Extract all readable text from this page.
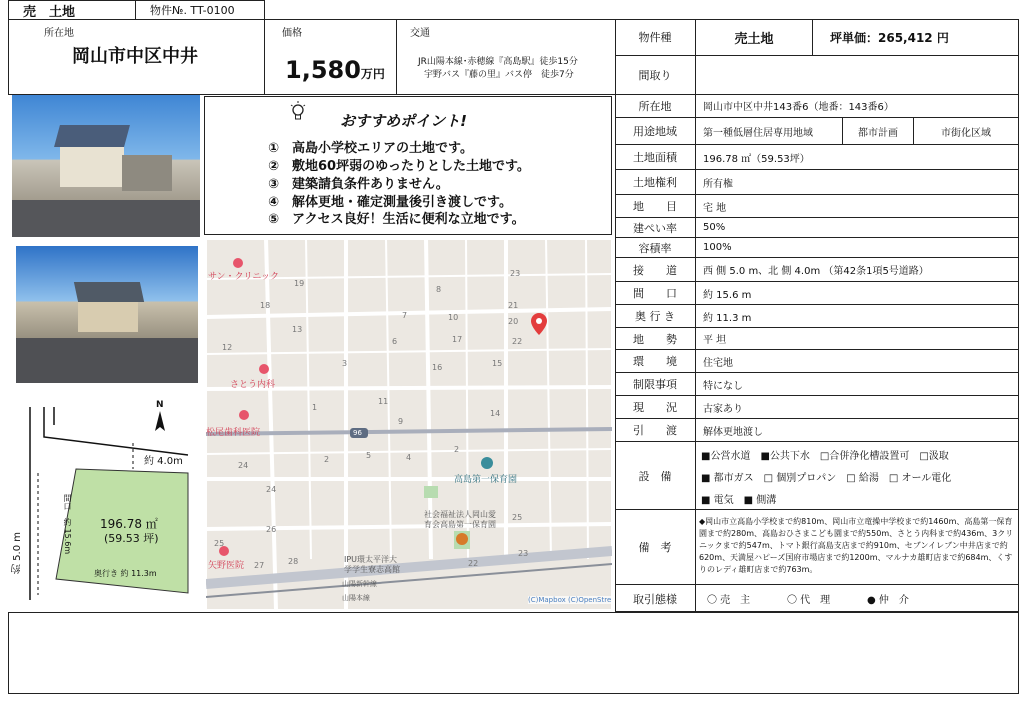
売　土地	物件№. TT-0100
所在地
岡山市中区中井
価格
1,580万円
交通
JR山陽本線･赤穂線『高島駅』徒歩15分
宇野バス『藤の里』バス停　徒歩7分
物件種	売土地	坪単価：265,412 円
間取り
おすすめポイント!
①　高島小学校エリアの土地です。
②　敷地60坪弱のゆったりとした土地です。
③　建築請負条件ありません。
④　解体更地・確定測量後引き渡しです。
⑤　アクセス良好！生活に便利な立地です。
N
約 4.0m
約 5.0 m	間口　約 15.6m 196.78 ㎡
(59.53 坪)
奥行き 約 11.3m
サン・クリニック
さとう内科
松尾歯科医院
矢野医院
高島第一保育園
社会福祉法人岡山愛
育会高島第一保育園
IPU環太平洋大
学学生寮志高館
山陽新幹線
山陽本線
96
(C)Mapbox (C)OpenStre
23
19
13
17
8
10
15
7
21
22
20
18
16
6
24
11
9
14
3
12
5
1
25
2
4
2
24
26
25
27
23
22
28
所在地	岡山市中区中井143番6（地番：143番6）
用途地域	第一種低層住居専用地域	都市計画	市街化区域
土地面積	196.78 ㎡（59.53坪）
土地権利	所有権
地　　目	宅 地
建ぺい率	50%
容積率	100%
接　　道	西 側 5.0 m、北 側 4.0m （第42条1項5号道路）
間　　口	約 15.6 m
奥 行 き	約 11.3 m
地　　勢	平 坦
環　　境	住宅地
制限事項	特になし
現　　況	古家あり
引　　渡	解体更地渡し
設　備
■公営水道　■公共下水　□合併浄化槽設置可　□汲取
■ 都市ガス　□ 個別プロパン　□ 給湯　□ オール電化
■ 電気　■ 側溝
備　考
◆岡山市立高島小学校まで約810m、岡山市立竜操中学校まで約1460m、高島第一保育園まで約280m、高島おひさまこども園まで約550m、さとう内科まで約436m、3クリニックまで約547m、トマト銀行高島支店まで約910m、セブンイレブン中井店まで約620m、天満屋ハピーズ国府市場店まで約1200m、マルナカ雄町店まで約684m、くすりのレディ雄町店まで約763m。
取引態様	〇 売　主	〇 代　理	● 仲　介
